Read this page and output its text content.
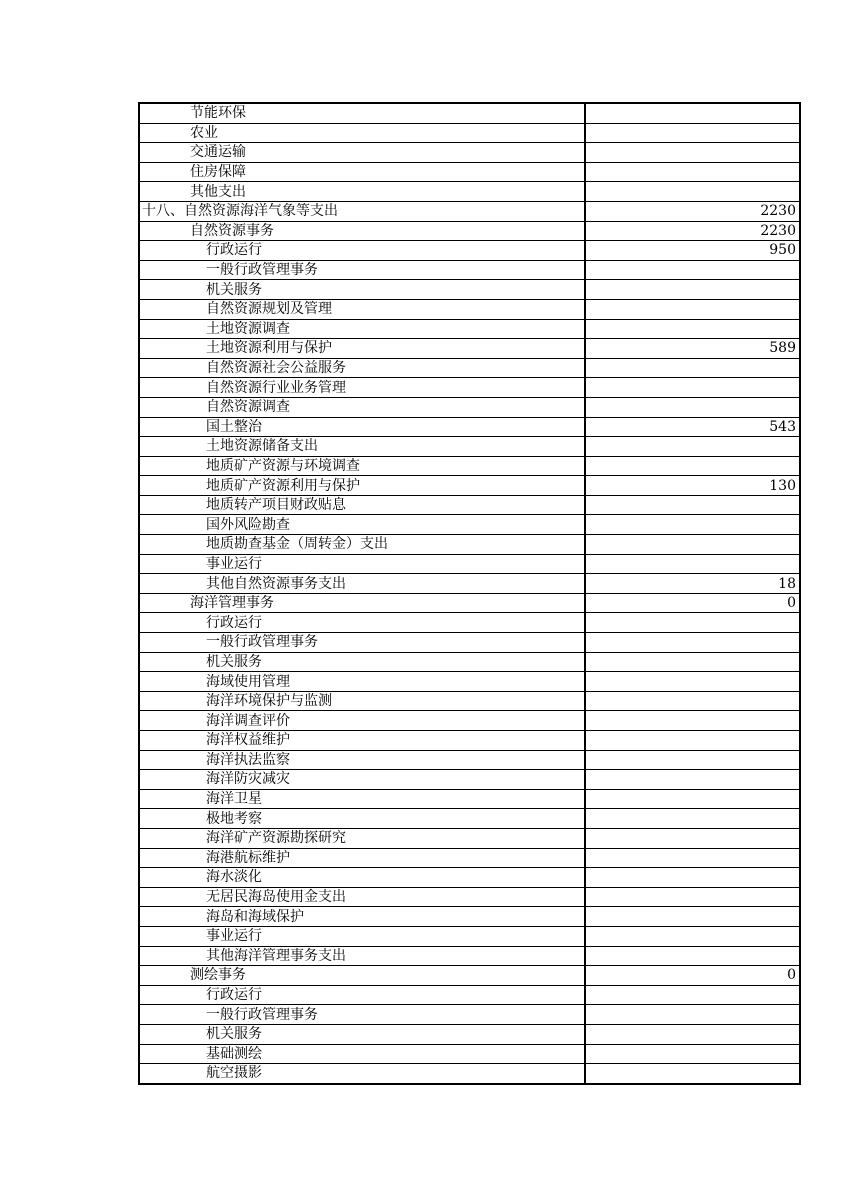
节能环保	
农业	
交通运输	
住房保障	
其他支出	
十八、自然资源海洋气象等支出	2230
自然资源事务	2230
行政运行	950
一般行政管理事务	
机关服务	
自然资源规划及管理	
土地资源调查	
土地资源利用与保护	589
自然资源社会公益服务	
自然资源行业业务管理	
自然资源调查	
国土整治	543
土地资源储备支出	
地质矿产资源与环境调查	
地质矿产资源利用与保护	130
地质转产项目财政贴息	
国外风险勘查	
地质勘查基金（周转金）支出	
事业运行	
其他自然资源事务支出	18
海洋管理事务	0
行政运行	
一般行政管理事务	
机关服务	
海域使用管理	
海洋环境保护与监测	
海洋调查评价	
海洋权益维护	
海洋执法监察	
海洋防灾减灾	
海洋卫星	
极地考察	
海洋矿产资源勘探研究	
海港航标维护	
海水淡化	
无居民海岛使用金支出	
海岛和海域保护	
事业运行	
其他海洋管理事务支出	
测绘事务	0
行政运行	
一般行政管理事务	
机关服务	
基础测绘	
航空摄影	
